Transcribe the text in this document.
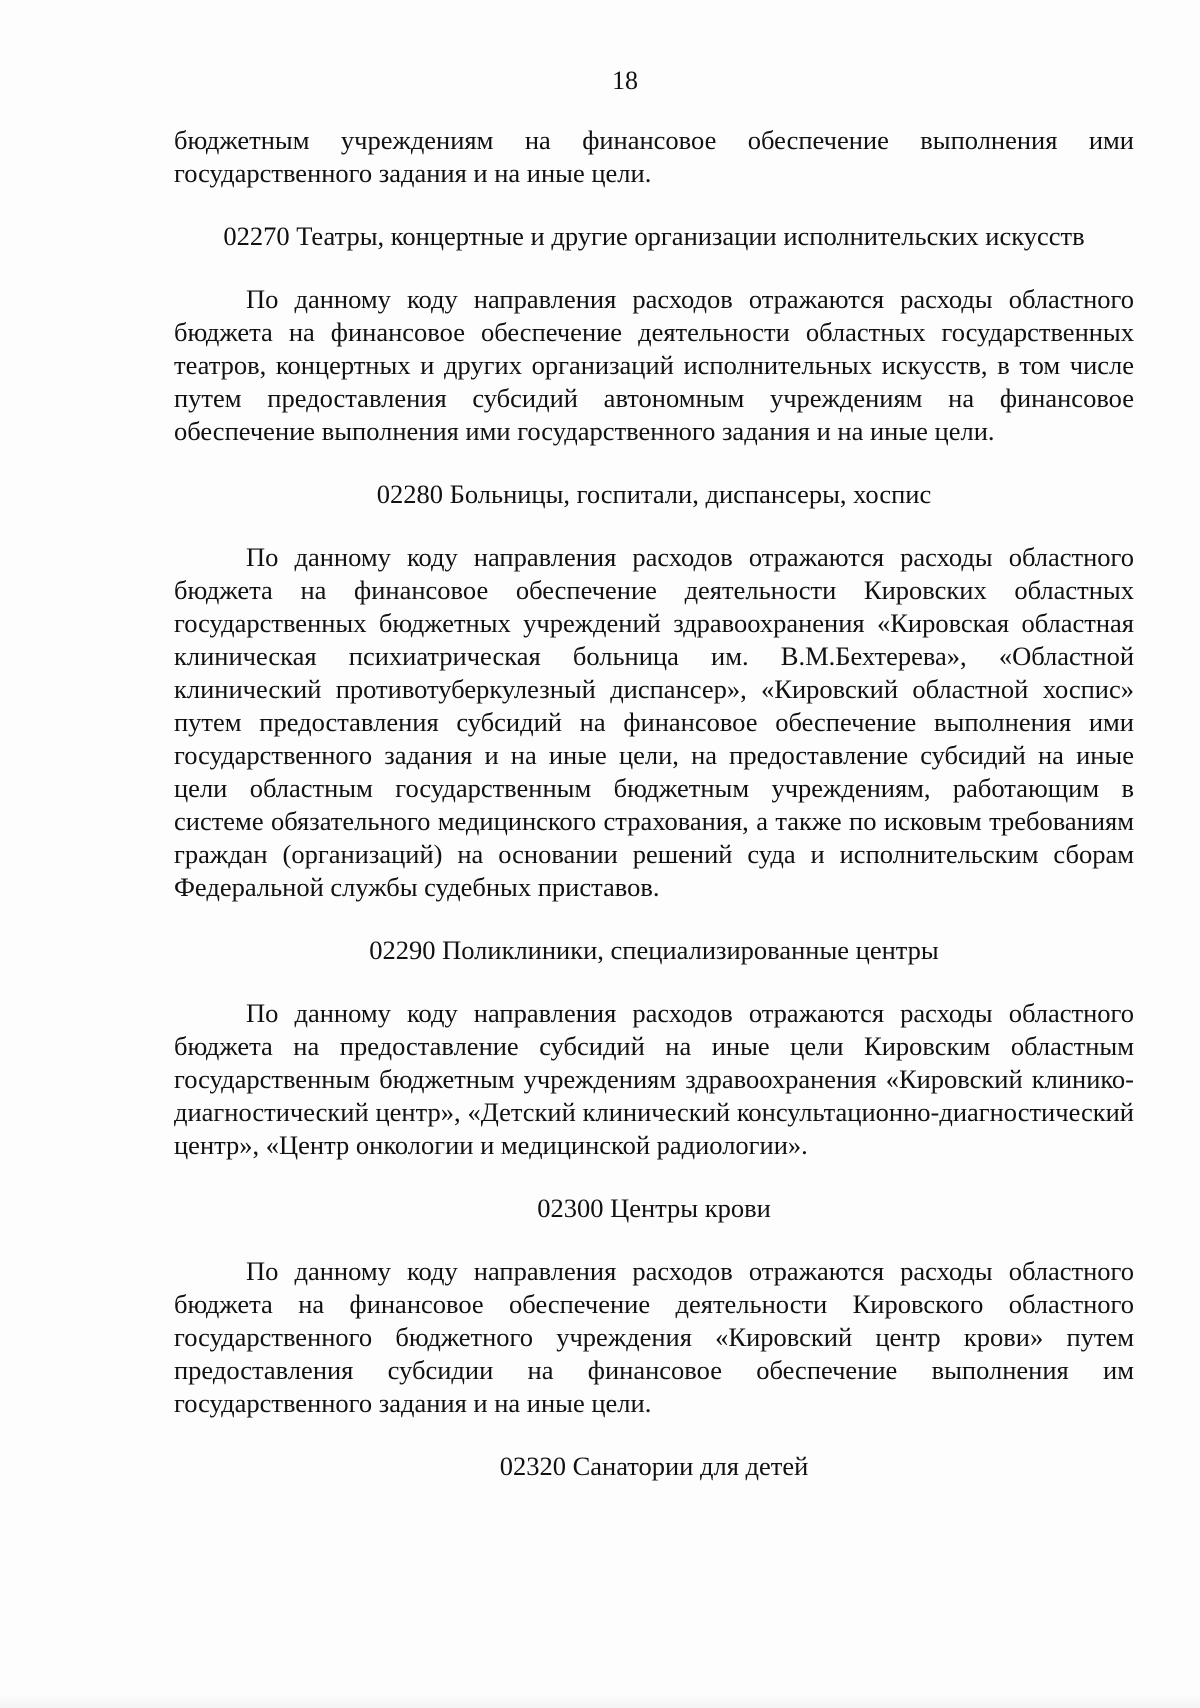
18

бюджетным учреждениям на финансовое обеспечение выполнения ими государственного задания и на иные цели.

02270 Театры, концертные и другие организации исполнительских искусств

По данному коду направления расходов отражаются расходы областного бюджета на финансовое обеспечение деятельности областных государственных театров, концертных и других организаций исполнительных искусств, в том числе путем предоставления субсидий автономным учреждениям на финансовое обеспечение выполнения ими государственного задания и на иные цели.

02280 Больницы, госпитали, диспансеры, хоспис

По данному коду направления расходов отражаются расходы областного бюджета на финансовое обеспечение деятельности Кировских областных государственных бюджетных учреждений здравоохранения «Кировская областная клиническая психиатрическая больница им. В.М.Бехтерева», «Областной клинический противотуберкулезный диспансер», «Кировский областной хоспис» путем предоставления субсидий на финансовое обеспечение выполнения ими государственного задания и на иные цели, на предоставление субсидий на иные цели областным государственным бюджетным учреждениям, работающим в системе обязательного медицинского страхования, а также по исковым требованиям граждан (организаций) на основании решений суда и исполнительским сборам Федеральной службы судебных приставов.

02290 Поликлиники, специализированные центры

По данному коду направления расходов отражаются расходы областного бюджета на предоставление субсидий на иные цели Кировским областным государственным бюджетным учреждениям здравоохранения «Кировский клинико-диагностический центр», «Детский клинический консультационно-диагностический центр», «Центр онкологии и медицинской радиологии».

02300 Центры крови

По данному коду направления расходов отражаются расходы областного бюджета на финансовое обеспечение деятельности Кировского областного государственного бюджетного учреждения «Кировский центр крови» путем предоставления субсидии на финансовое обеспечение выполнения им государственного задания и на иные цели.

02320 Санатории для детей
